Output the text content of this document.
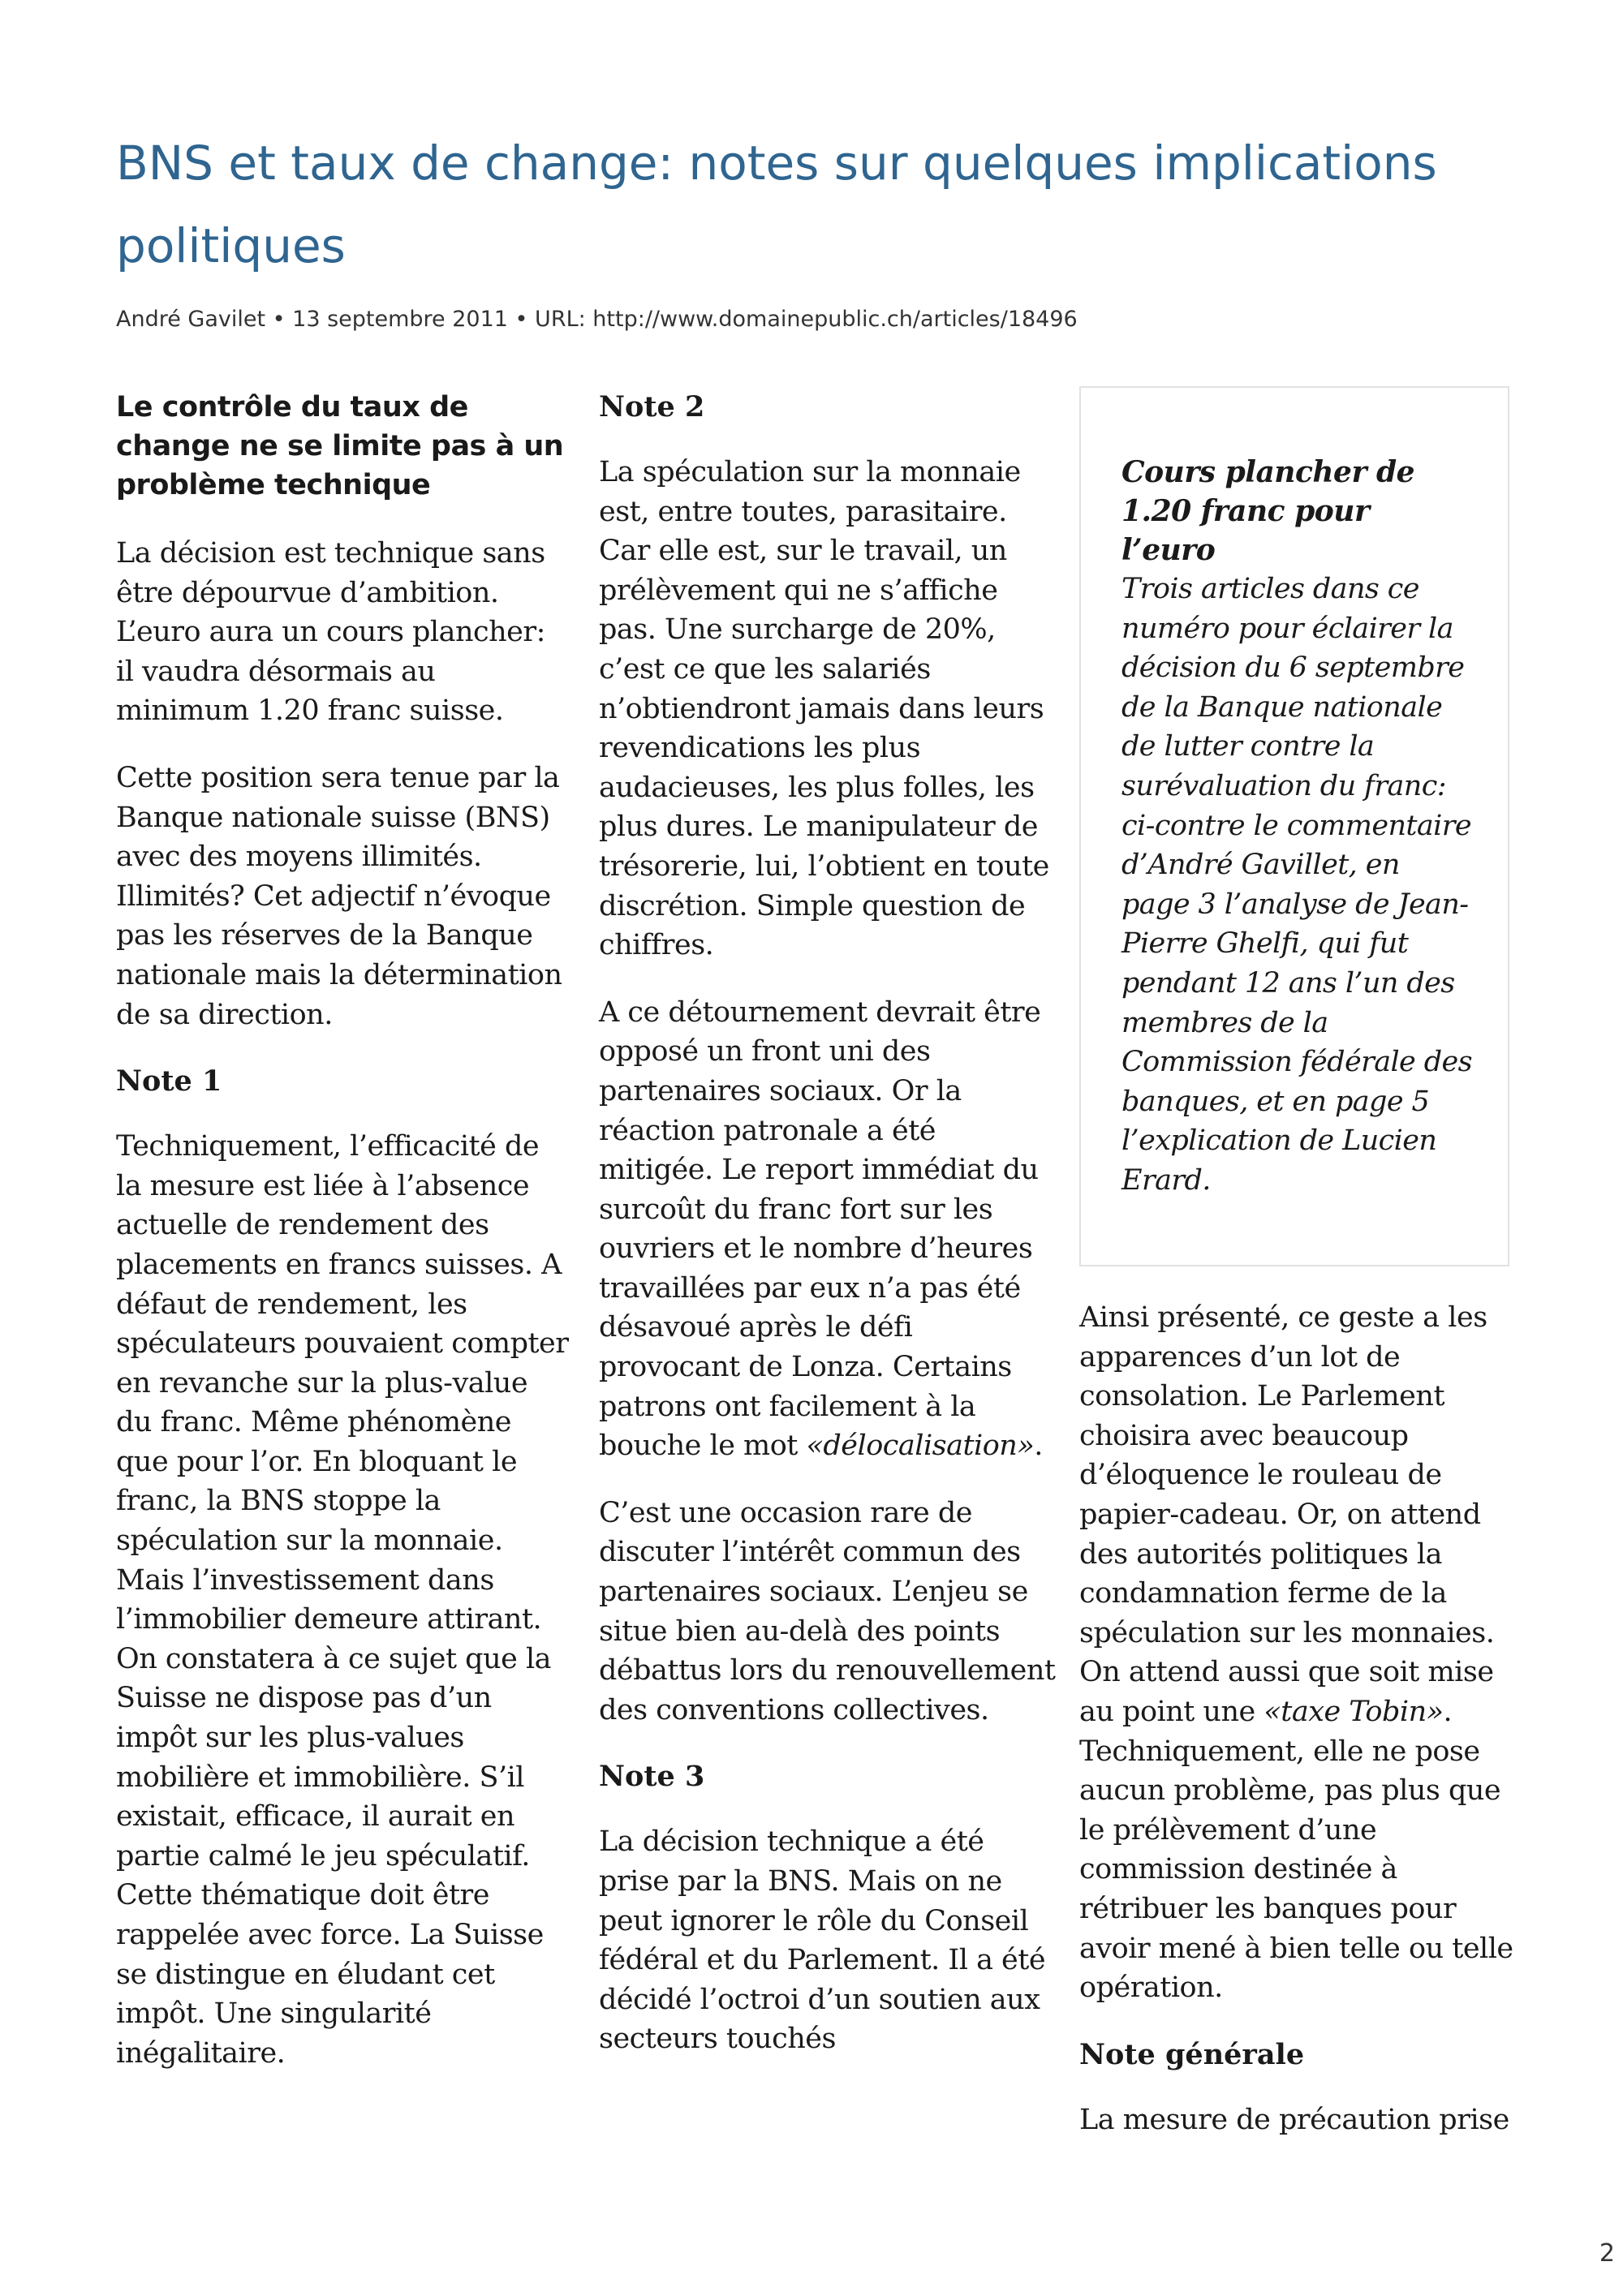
BNS et taux de change: notes sur quelques implications politiques
André Gavilet • 13 septembre 2011 • URL: http://www.domainepublic.ch/articles/18496

Le contrôle du taux de change ne se limite pas à un problème technique

La décision est technique sans être dépourvue d’ambition. L’euro aura un cours plancher: il vaudra désormais au minimum 1.20 franc suisse.

Cette position sera tenue par la Banque nationale suisse (BNS) avec des moyens illimités. Illimités? Cet adjectif n’évoque pas les réserves de la Banque nationale mais la détermination de sa direction.

Note 1

Techniquement, l’efficacité de la mesure est liée à l’absence actuelle de rendement des placements en francs suisses. A défaut de rendement, les spéculateurs pouvaient compter en revanche sur la plus-value du franc. Même phénomène que pour l’or. En bloquant le franc, la BNS stoppe la spéculation sur la monnaie. Mais l’investissement dans l’immobilier demeure attirant. On constatera à ce sujet que la Suisse ne dispose pas d’un impôt sur les plus-values mobilière et immobilière. S’il existait, efficace, il aurait en partie calmé le jeu spéculatif. Cette thématique doit être rappelée avec force. La Suisse se distingue en éludant cet impôt. Une singularité inégalitaire.

Note 2

La spéculation sur la monnaie est, entre toutes, parasitaire. Car elle est, sur le travail, un prélèvement qui ne s’affiche pas. Une surcharge de 20%, c’est ce que les salariés n’obtiendront jamais dans leurs revendications les plus audacieuses, les plus folles, les plus dures. Le manipulateur de trésorerie, lui, l’obtient en toute discrétion. Simple question de chiffres.

A ce détournement devrait être opposé un front uni des partenaires sociaux. Or la réaction patronale a été mitigée. Le report immédiat du surcoût du franc fort sur les ouvriers et le nombre d’heures travaillées par eux n’a pas été désavoué après le défi provocant de Lonza. Certains patrons ont facilement à la bouche le mot «délocalisation».

C’est une occasion rare de discuter l’intérêt commun des partenaires sociaux. L’enjeu se situe bien au-delà des points débattus lors du renouvellement des conventions collectives.

Note 3

La décision technique a été prise par la BNS. Mais on ne peut ignorer le rôle du Conseil fédéral et du Parlement. Il a été décidé l’octroi d’un soutien aux secteurs touchés

Cours plancher de 1.20 franc pour l’euro

Trois articles dans ce numéro pour éclairer la décision du 6 septembre de la Banque nationale de lutter contre la surévaluation du franc: ci-contre le commentaire d’André Gavillet, en page 3 l’analyse de Jean-Pierre Ghelfi, qui fut pendant 12 ans l’un des membres de la Commission fédérale des banques, et en page 5 l’explication de Lucien Erard.

Ainsi présenté, ce geste a les apparences d’un lot de consolation. Le Parlement choisira avec beaucoup d’éloquence le rouleau de papier-cadeau. Or, on attend des autorités politiques la condamnation ferme de la spéculation sur les monnaies. On attend aussi que soit mise au point une «taxe Tobin». Techniquement, elle ne pose aucun problème, pas plus que le prélèvement d’une commission destinée à rétribuer les banques pour avoir mené à bien telle ou telle opération.

Note générale

La mesure de précaution prise

2
